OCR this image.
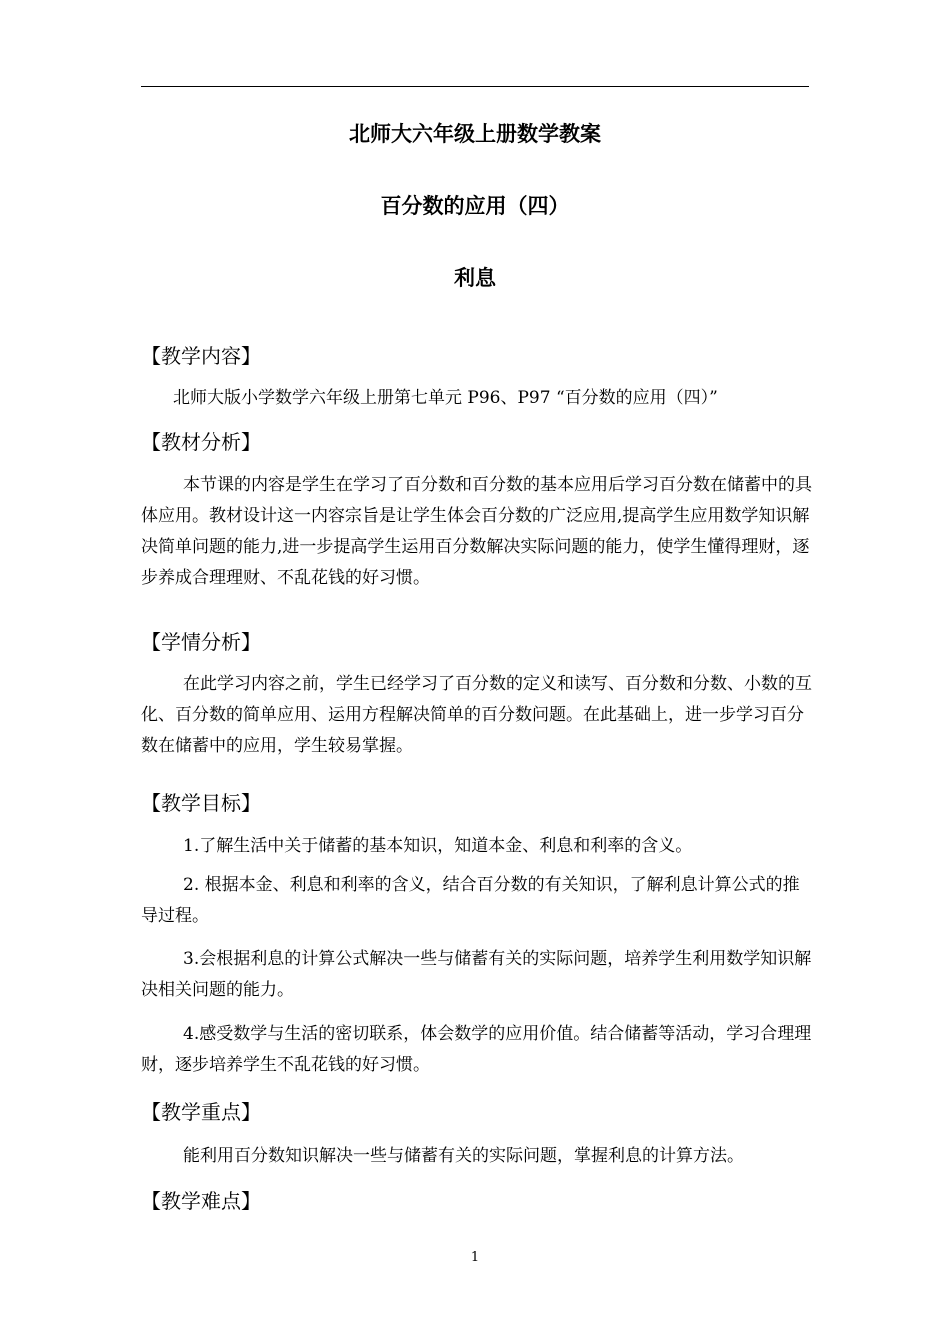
北师大六年级上册数学教案
百分数的应用（四）
利息
【教学内容】
北师大版小学数学六年级上册第七单元 P96、P97 “百分数的应用（四）”
【教材分析】
本节课的内容是学生在学习了百分数和百分数的基本应用后学习百分数在储蓄中的具体应用。教材设计这一内容宗旨是让学生体会百分数的广泛应用,提高学生应用数学知识解决简单问题的能力,进一步提高学生运用百分数解决实际问题的能力，使学生懂得理财，逐步养成合理理财、不乱花钱的好习惯。
【学情分析】
在此学习内容之前，学生已经学习了百分数的定义和读写、百分数和分数、小数的互化、百分数的简单应用、运用方程解决简单的百分数问题。在此基础上，进一步学习百分数在储蓄中的应用，学生较易掌握。
【教学目标】
1.了解生活中关于储蓄的基本知识，知道本金、利息和利率的含义。
2. 根据本金、利息和利率的含义，结合百分数的有关知识，了解利息计算公式的推导过程。
3.会根据利息的计算公式解决一些与储蓄有关的实际问题，培养学生利用数学知识解决相关问题的能力。
4.感受数学与生活的密切联系，体会数学的应用价值。结合储蓄等活动，学习合理理财，逐步培养学生不乱花钱的好习惯。
【教学重点】
能利用百分数知识解决一些与储蓄有关的实际问题，掌握利息的计算方法。
【教学难点】
1
